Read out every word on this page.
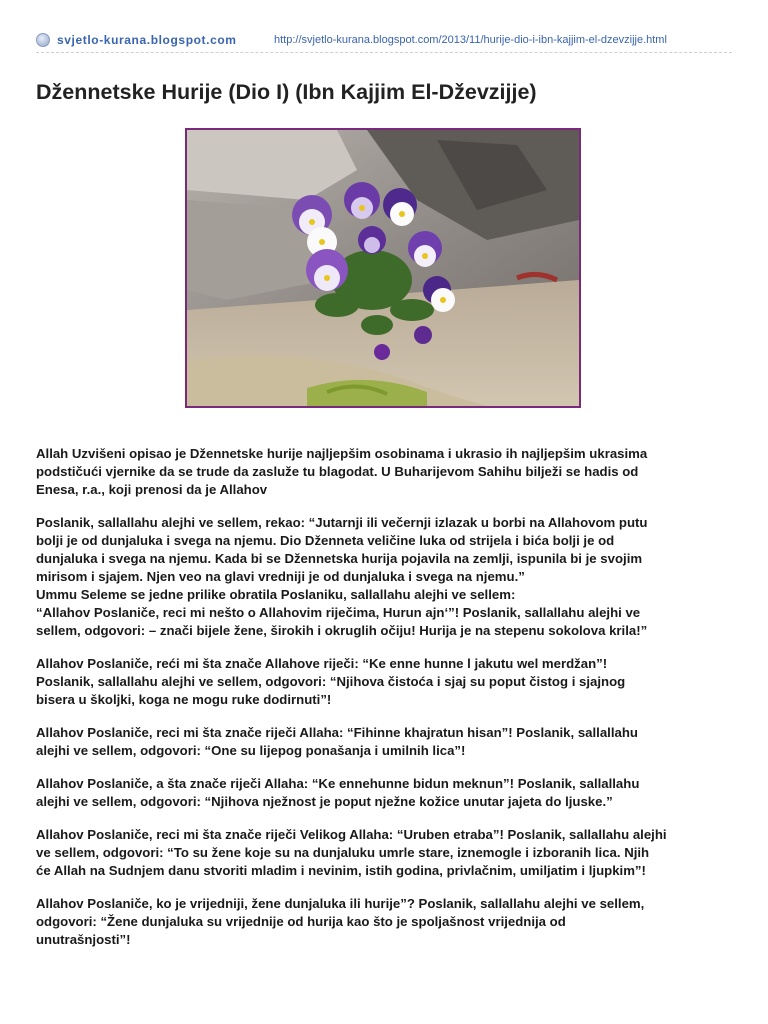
svjetlo-kurana.blogspot.com	http://svjetlo-kurana.blogspot.com/2013/11/hurije-dio-i-ibn-kajjim-el-dzevzijje.html
Džennetske Hurije (Dio I) (Ibn Kajjim El-Dževzijje)

Allah Uzvišeni opisao je Džennetske hurije najljepšim osobinama i ukrasio ih najljepšim ukrasima
podstičući vjernike da se trude da zasluže tu blagodat. U Buharijevom Sahihu bilježi se hadis od
Enesa, r.a., koji prenosi da je Allahov

Poslanik, sallallahu alejhi ve sellem, rekao: “Jutarnji ili večernji izlazak u borbi na Allahovom putu
bolji je od dunjaluka i svega na njemu. Dio Dženneta veličine luka od strijela i bića bolji je od
dunjaluka i svega na njemu. Kada bi se Džennetska hurija pojavila na zemlji, ispunila bi je svojim
mirisom i sjajem. Njen veo na glavi vredniji je od dunjaluka i svega na njemu.”
Ummu Seleme se jedne prilike obratila Poslaniku, sallallahu alejhi ve sellem:
“Allahov Poslaniče, reci mi nešto o Allahovim riječima, Hurun ajn‘”! Poslanik, sallallahu alejhi ve
sellem, odgovori: – znači bijele žene, širokih i okruglih očiju! Hurija je na stepenu sokolova krila!”

Allahov Poslaniče, reći mi šta znače Allahove riječi: “Ke enne hunne l jakutu wel merdžan”!
Poslanik, sallallahu alejhi ve sellem, odgovori: “Njihova čistoća i sjaj su poput čistog i sjajnog
bisera u školjki, koga ne mogu ruke dodirnuti”!

Allahov Poslaniče, reci mi šta znače riječi Allaha: “Fihinne khajratun hisan”! Poslanik, sallallahu
alejhi ve sellem, odgovori: “One su lijepog ponašanja i umilnih lica”!

Allahov Poslaniče, a šta znače riječi Allaha: “Ke ennehunne bidun meknun”! Poslanik, sallallahu
alejhi ve sellem, odgovori: “Njihova nježnost je poput nježne kožice unutar jajeta do ljuske.”

Allahov Poslaniče, reci mi šta znače riječi Velikog Allaha: “Uruben etraba”! Poslanik, sallallahu alejhi
ve sellem, odgovori: “To su žene koje su na dunjaluku umrle stare, iznemogle i izboranih lica. Njih
će Allah na Sudnjem danu stvoriti mladim i nevinim, istih godina, privlačnim, umiljatim i ljupkim”!

Allahov Poslaniče, ko je vrijedniji, žene dunjaluka ili hurije”? Poslanik, sallallahu alejhi ve sellem,
odgovori: “Žene dunjaluka su vrijednije od hurija kao što je spoljašnost vrijednija od
unutrašnjosti”!
